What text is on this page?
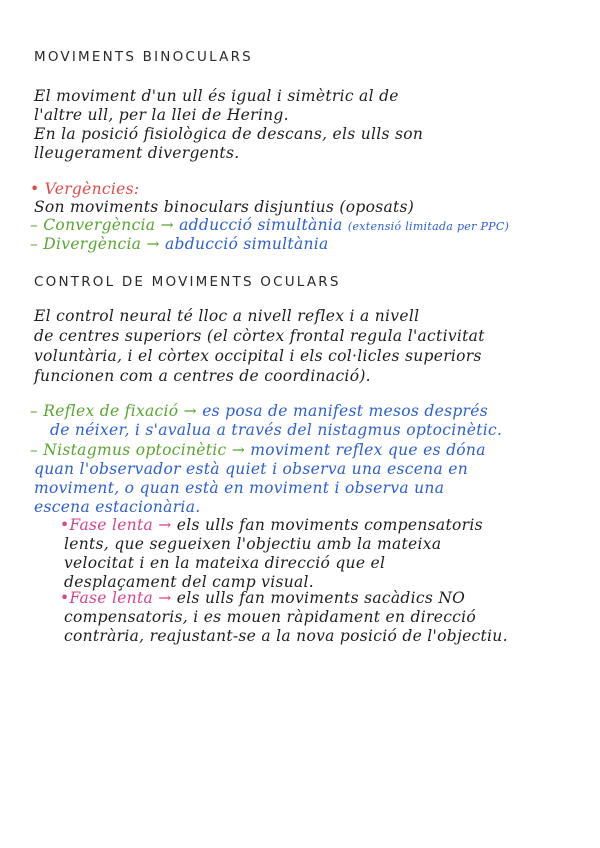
MOVIMENTS BINOCULARS
El moviment d'un ull és igual i simètric al de
l'altre ull, per la llei de Hering.
En la posició fisiològica de descans, els ulls son
lleugerament divergents.
• Vergències:
Son moviments binoculars disjuntius (oposats)
– Convergència → adducció simultània (extensió limitada per PPC)
– Divergència → abducció simultània
CONTROL DE MOVIMENTS OCULARS
El control neural té lloc a nivell reflex i a nivell
de centres superiors (el còrtex frontal regula l'activitat
voluntària, i el còrtex occipital i els col·licles superiors
funcionen com a centres de coordinació).
– Reflex de fixació → es posa de manifest mesos després
de néixer, i s'avalua a través del nistagmus optocinètic.
– Nistagmus optocinètic → moviment reflex que es dóna
quan l'observador està quiet i observa una escena en
moviment, o quan està en moviment i observa una
escena estacionària.
•Fase lenta → els ulls fan moviments compensatoris
lents, que segueixen l'objectiu amb la mateixa
velocitat i en la mateixa direcció que el
desplaçament del camp visual.
•Fase lenta → els ulls fan moviments sacàdics NO
compensatoris, i es mouen ràpidament en direcció
contrària, reajustant-se a la nova posició de l'objectiu.
